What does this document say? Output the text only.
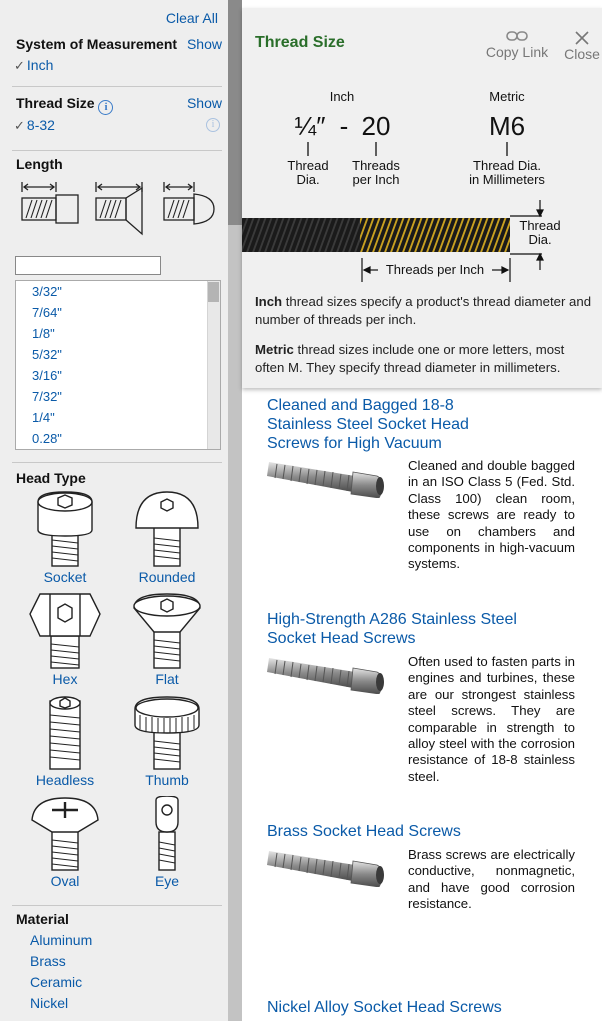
Clear All
System of Measurement Show
✓ Inch
Thread Size i	Show
✓ 8-32	i
Length
3/32"
7/64"
1/8"
5/32"
3/16"
7/32"
1/4"
0.28"
Head Type
Socket	Rounded
Hex	Flat
Headless	Thumb
Oval	Eye
Material
Aluminum
Brass
Ceramic
Nickel
Cleaned and Bagged 18-8 Stainless Steel Socket Head Screws for High Vacuum
Cleaned and double bagged in an ISO Class 5 (Fed. Std. Class 100) clean room, these screws are ready to use on chambers and components in high-vacuum systems.
High-Strength A286 Stainless Steel Socket Head Screws
Often used to fasten parts in engines and turbines, these are our strongest stainless steel screws. They are comparable in strength to alloy steel with the corrosion resistance of 18-8 stainless steel.
Brass Socket Head Screws
Brass screws are electrically conductive, nonmagnetic, and have good corrosion resistance.
Nickel Alloy Socket Head Screws
Thread Size
Copy Link Close
Inch	Metric
¼″ - 20	M6
Thread
Dia.
Threads
per Inch
Thread Dia.
in Millimeters
Thread
Dia.
Threads per Inch
Inch thread sizes specify a product's thread diameter and number of threads per inch.
Metric thread sizes include one or more letters, most often M. They specify thread diameter in millimeters.
